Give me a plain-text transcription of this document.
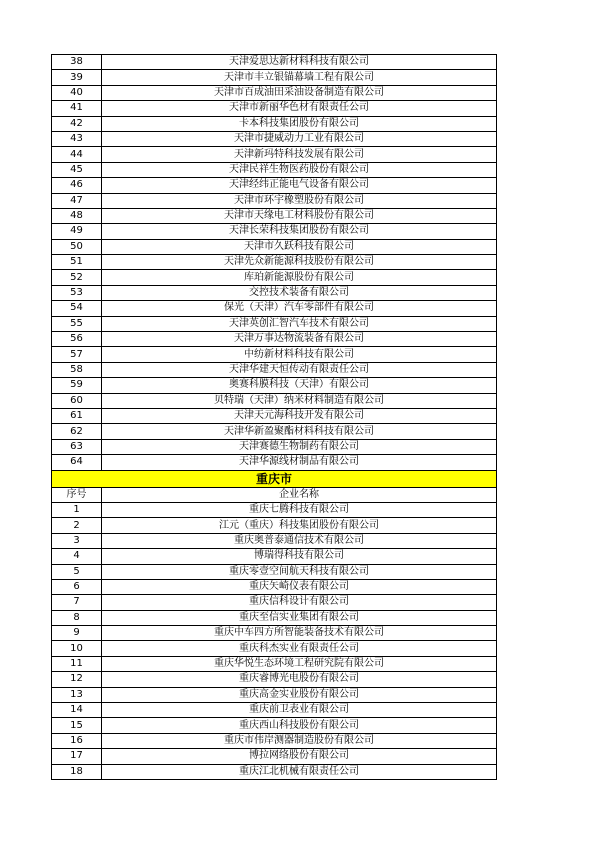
38	天津爱思达新材料科技有限公司
39	天津市丰立银锚幕墙工程有限公司
40	天津市百成油田采油设备制造有限公司
41	天津市新丽华色材有限责任公司
42	卡本科技集团股份有限公司
43	天津市捷威动力工业有限公司
44	天津新玛特科技发展有限公司
45	天津民祥生物医药股份有限公司
46	天津经纬正能电气设备有限公司
47	天津市环宇橡塑股份有限公司
48	天津市天缘电工材料股份有限公司
49	天津长荣科技集团股份有限公司
50	天津市久跃科技有限公司
51	天津先众新能源科技股份有限公司
52	库珀新能源股份有限公司
53	交控技术装备有限公司
54	保光（天津）汽车零部件有限公司
55	天津英创汇智汽车技术有限公司
56	天津万事达物流装备有限公司
57	中纺新材料科技有限公司
58	天津华建天恒传动有限责任公司
59	奥赛科膜科技（天津）有限公司
60	贝特瑞（天津）纳米材料制造有限公司
61	天津天元海科技开发有限公司
62	天津华新盈聚酯材料科技有限公司
63	天津赛德生物制药有限公司
64	天津华源线材制品有限公司
重庆市	
序号	企业名称
1	重庆七腾科技有限公司
2	江元（重庆）科技集团股份有限公司
3	重庆奥普泰通信技术有限公司
4	博瑞得科技有限公司
5	重庆零壹空间航天科技有限公司
6	重庆矢崎仪表有限公司
7	重庆信科设计有限公司
8	重庆至信实业集团有限公司
9	重庆中车四方所智能装备技术有限公司
10	重庆科杰实业有限责任公司
11	重庆华悦生态环境工程研究院有限公司
12	重庆睿博光电股份有限公司
13	重庆高金实业股份有限公司
14	重庆前卫表业有限公司
15	重庆西山科技股份有限公司
16	重庆市伟岸测器制造股份有限公司
17	博拉网络股份有限公司
18	重庆江北机械有限责任公司
